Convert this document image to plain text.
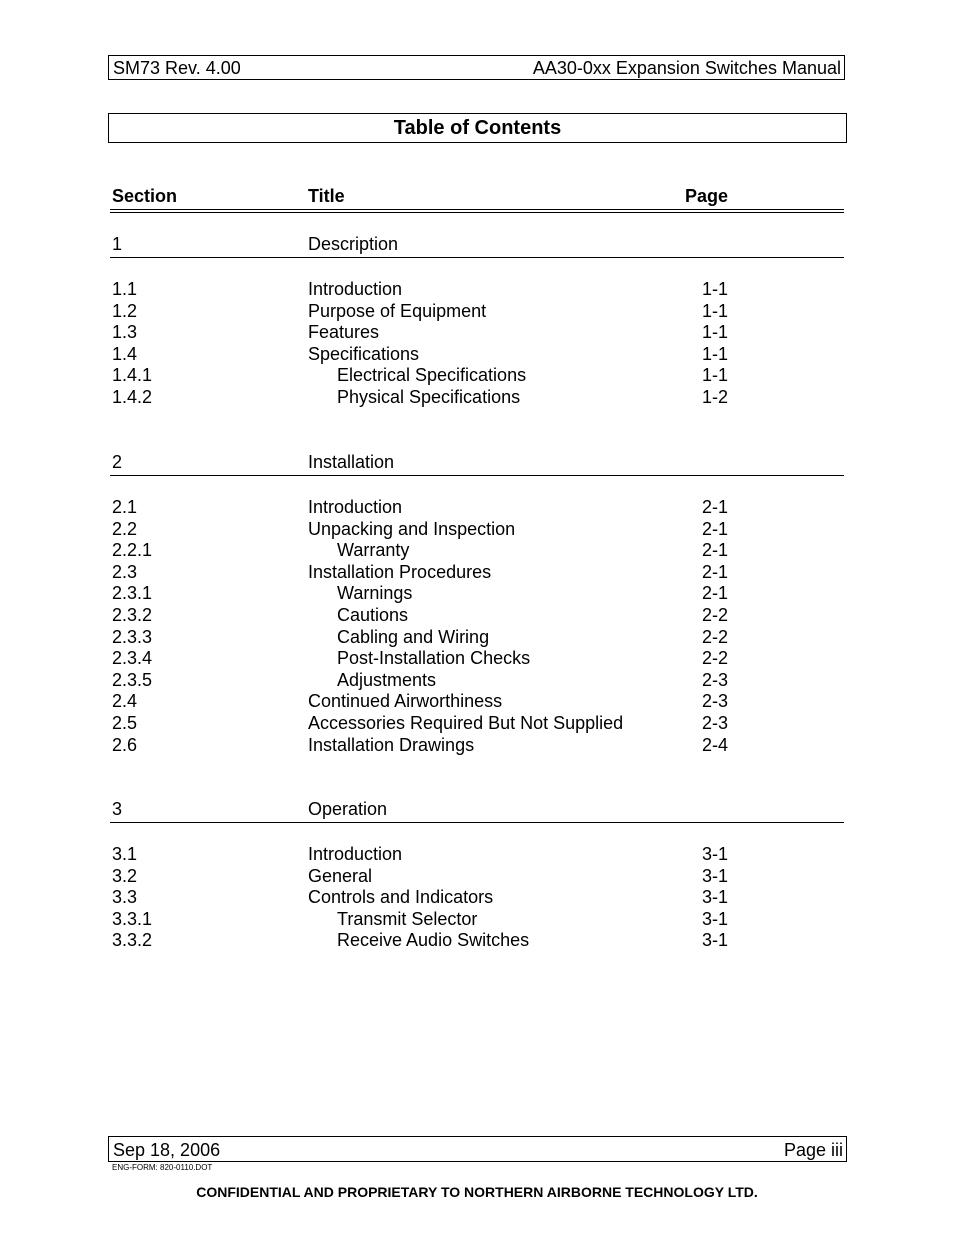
SM73 Rev. 4.00	AA30-0xx Expansion Switches Manual
Table of Contents
Section	Title	Page
1	Description
1.1	Introduction	1-1
1.2	Purpose of Equipment	1-1
1.3	Features	1-1
1.4	Specifications	1-1
1.4.1	Electrical Specifications	1-1
1.4.2	Physical Specifications	1-2
2	Installation
2.1	Introduction	2-1
2.2	Unpacking and Inspection	2-1
2.2.1	Warranty	2-1
2.3	Installation Procedures	2-1
2.3.1	Warnings	2-1
2.3.2	Cautions	2-2
2.3.3	Cabling and Wiring	2-2
2.3.4	Post-Installation Checks	2-2
2.3.5	Adjustments	2-3
2.4	Continued Airworthiness	2-3
2.5	Accessories Required But Not Supplied	2-3
2.6	Installation Drawings	2-4
3	Operation
3.1	Introduction	3-1
3.2	General	3-1
3.3	Controls and Indicators	3-1
3.3.1	Transmit Selector	3-1
3.3.2	Receive Audio Switches	3-1
Sep 18, 2006	Page iii
ENG-FORM: 820-0110.DOT
CONFIDENTIAL AND PROPRIETARY TO NORTHERN AIRBORNE TECHNOLOGY LTD.
